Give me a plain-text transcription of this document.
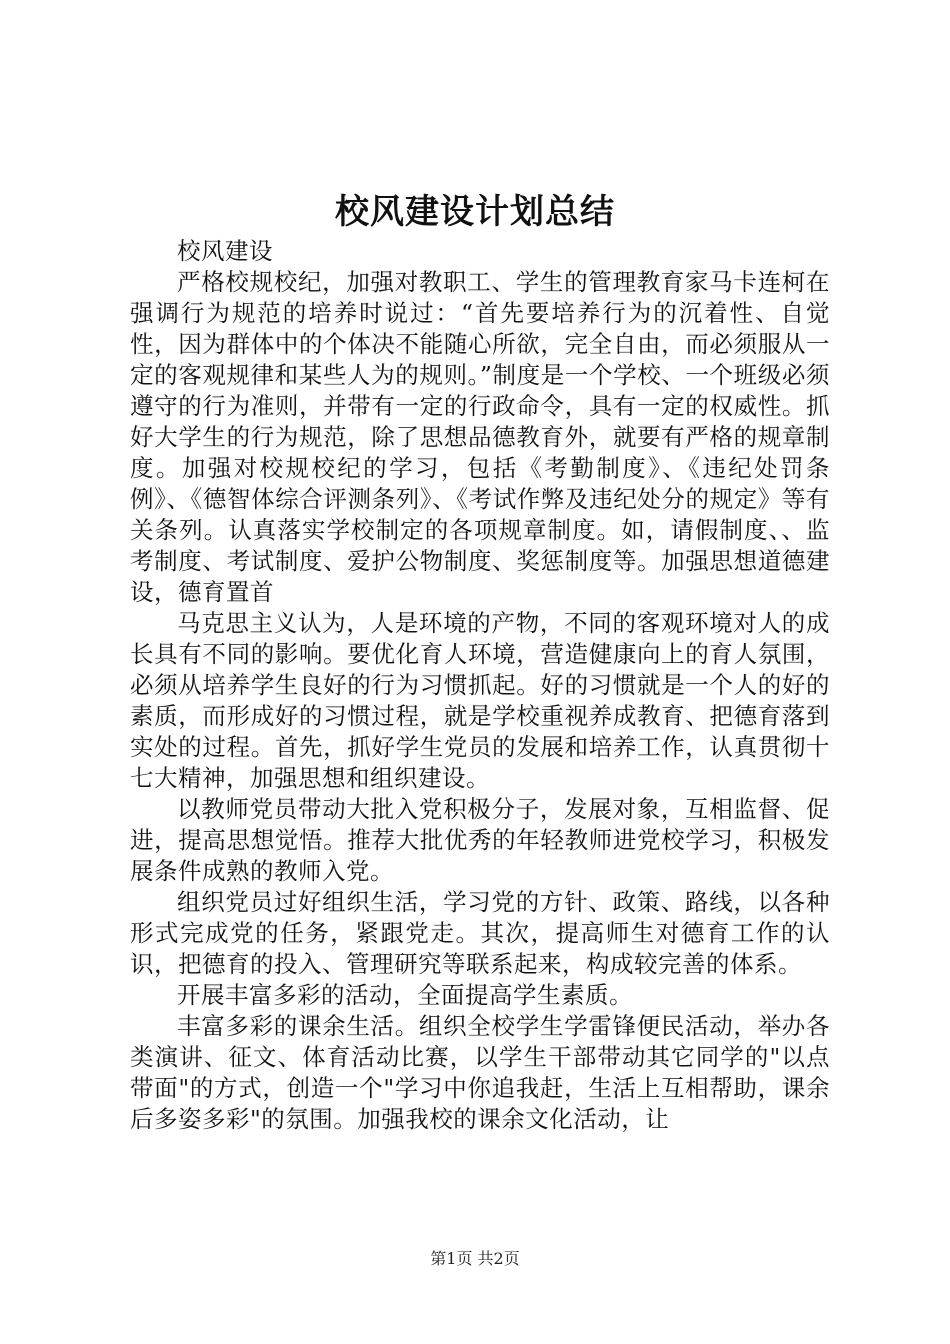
校风建设计划总结

校风建设

严格校规校纪，加强对教职工、学生的管理教育家马卡连柯在强调行为规范的培养时说过：“首先要培养行为的沉着性、自觉性，因为群体中的个体决不能随心所欲，完全自由，而必须服从一定的客观规律和某些人为的规则。”制度是一个学校、一个班级必须遵守的行为准则，并带有一定的行政命令，具有一定的权威性。抓好大学生的行为规范，除了思想品德教育外，就要有严格的规章制度。加强对校规校纪的学习，包括《考勤制度》、《违纪处罚条例》、《德智体综合评测条列》、《考试作弊及违纪处分的规定》等有关条列。认真落实学校制定的各项规章制度。如，请假制度、、监考制度、考试制度、爱护公物制度、奖惩制度等。加强思想道德建设，德育置首

马克思主义认为，人是环境的产物，不同的客观环境对人的成长具有不同的影响。要优化育人环境，营造健康向上的育人氛围，必须从培养学生良好的行为习惯抓起。好的习惯就是一个人的好的素质，而形成好的习惯过程，就是学校重视养成教育、把德育落到实处的过程。首先，抓好学生党员的发展和培养工作，认真贯彻十七大精神，加强思想和组织建设。

以教师党员带动大批入党积极分子，发展对象，互相监督、促进，提高思想觉悟。推荐大批优秀的年轻教师进党校学习，积极发展条件成熟的教师入党。

组织党员过好组织生活，学习党的方针、政策、路线，以各种形式完成党的任务，紧跟党走。其次，提高师生对德育工作的认识，把德育的投入、管理研究等联系起来，构成较完善的体系。

开展丰富多彩的活动，全面提高学生素质。

丰富多彩的课余生活。组织全校学生学雷锋便民活动，举办各类演讲、征文、体育活动比赛，以学生干部带动其它同学的"以点带面"的方式，创造一个"学习中你追我赶，生活上互相帮助，课余后多姿多彩"的氛围。加强我校的课余文化活动，让

第1页 共2页
